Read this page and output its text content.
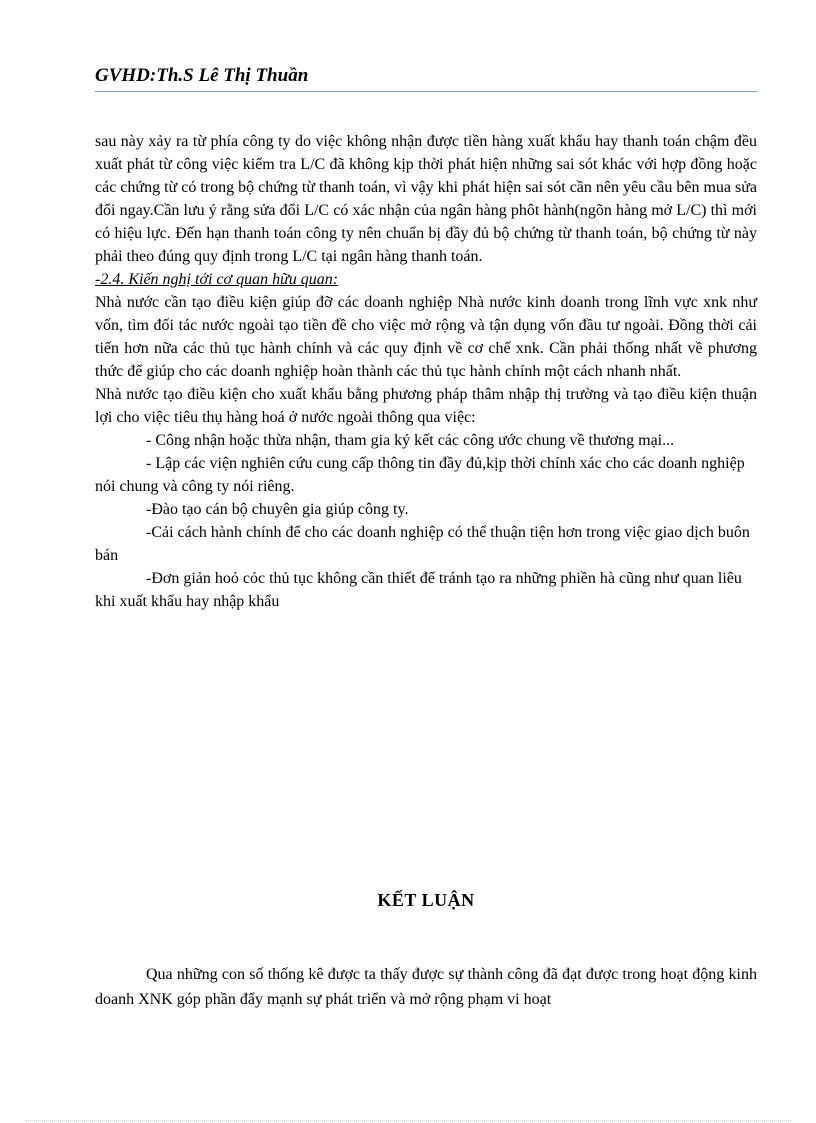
GVHD:Th.S Lê Thị Thuần

sau này xảy ra từ phía công ty do việc không nhận được tiền hàng xuất khẩu hay thanh toán chậm đều xuất phát từ công việc kiểm tra L/C đã không kịp thời phát hiện những sai sót khác với hợp đồng hoặc các chứng từ có trong bộ chứng từ thanh toán, vì vậy khi phát hiện sai sót cần nên yêu cầu bên mua sửa đổi ngay.Cần lưu ý rằng sửa đổi L/C có xác nhận của ngân hàng phôt hành(ngõn hàng mở L/C) thì mới có hiệu lực. Đến hạn thanh toán công ty nên chuẩn bị đầy đủ bộ chứng từ thanh toán, bộ chứng từ này phải theo đúng quy định trong L/C tại ngân hàng thanh toán.

-2.4. Kiến nghị tới cơ quan hữu quan:

Nhà nước cần tạo điều kiện giúp đỡ các doanh nghiệp Nhà nước kinh doanh trong lĩnh vực xnk như vốn, tìm đối tác nước ngoài tạo tiền đề cho việc mở rộng và tận dụng vốn đầu tư ngoài. Đồng thời cải tiến hơn nữa các thủ tục hành chính và các quy định về cơ chế xnk. Cần phải thống nhất về phương thức để giúp cho các doanh nghiệp hoàn thành các thủ tục hành chính một cách nhanh nhất.

Nhà nước tạo điều kiện cho xuất khẩu bằng phương pháp thâm nhập thị trường và tạo điều kiện thuận lợi cho việc tiêu thụ hàng hoá ở nước ngoài thông qua việc:

- Công nhận hoặc thừa nhận, tham gia ký kết các công ước chung về thương mại...

- Lập các viện nghiên cứu cung cấp thông tin đầy đủ,kịp thời chính xác cho các doanh nghiệp nói chung và công ty nói riêng.

-Đào tạo cán bộ chuyên gia giúp công ty.

-Cải cách hành chính để cho các doanh nghiệp có thể thuận tiện hơn trong việc giao dịch buôn bán

-Đơn giản hoỏ cỏc thủ tục không cần thiết để tránh tạo ra những phiền hà cũng như quan liêu khi xuất khẩu hay nhập khẩu

KẾT LUẬN

Qua những con số thống kê được ta thấy được sự thành công đã đạt được trong hoạt động kinh doanh XNK góp phần đẩy mạnh sự phát triển và mở rộng phạm vi hoạt
